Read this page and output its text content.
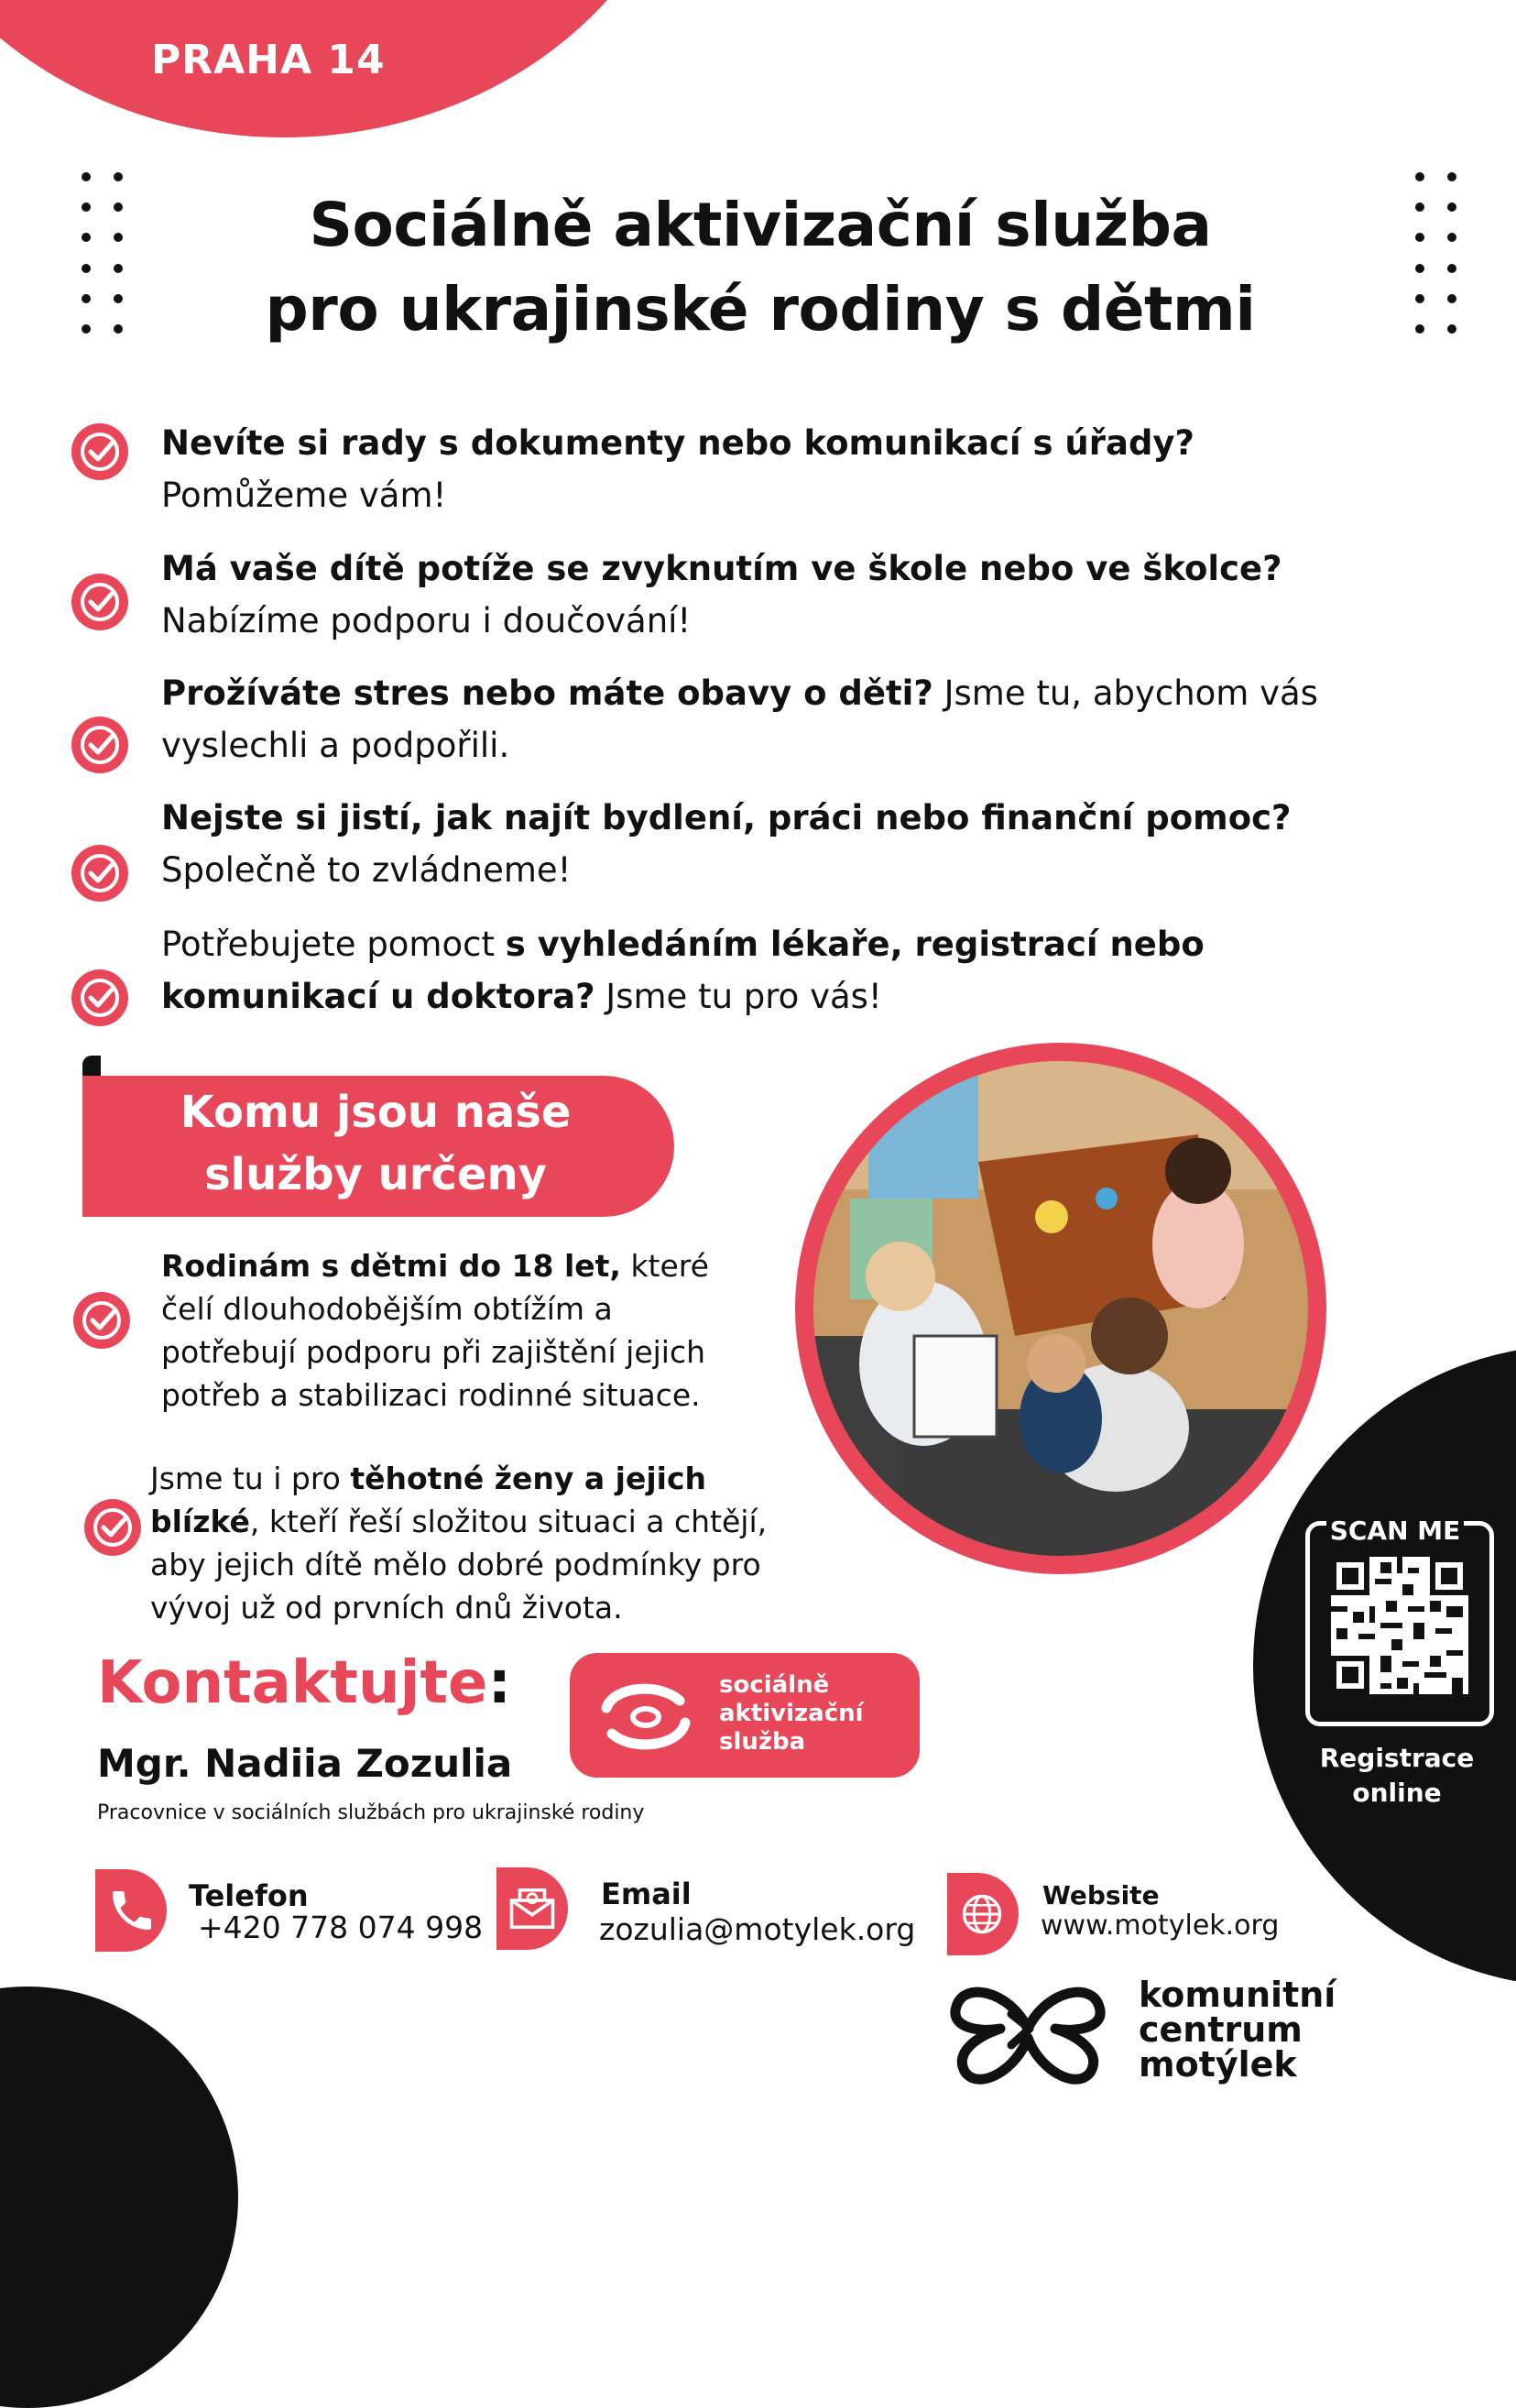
PRAHA 14
Sociálně aktivizační služba
pro ukrajinské rodiny s dětmi
Nevíte si rady s dokumenty nebo komunikací s úřady?
Pomůžeme vám!
Má vaše dítě potíže se zvyknutím ve škole nebo ve školce?
Nabízíme podporu i doučování!
Prožíváte stres nebo máte obavy o děti? Jsme tu, abychom vás vyslechli a podpořili.
Nejste si jistí, jak najít bydlení, práci nebo finanční pomoc?
Společně to zvládneme!
Potřebujete pomoct s vyhledáním lékaře, registrací nebo komunikací u doktora? Jsme tu pro vás!
Komu jsou naše
služby určeny
Rodinám s dětmi do 18 let, které čelí dlouhodobějším obtížím a potřebují podporu při zajištění jejich potřeb a stabilizaci rodinné situace.
Jsme tu i pro těhotné ženy a jejich blízké, kteří řeší složitou situaci a chtějí, aby jejich dítě mělo dobré podmínky pro vývoj už od prvních dnů života.
SCAN ME
Registrace
online
Kontaktujte:
Mgr. Nadiia Zozulia
Pracovnice v sociálních službách pro ukrajinské rodiny
sociálně
aktivizační
služba
Telefon
+420 778 074 998
Email
zozulia@motylek.org
Website
www.motylek.org
komunitní
centrum
motýlek
